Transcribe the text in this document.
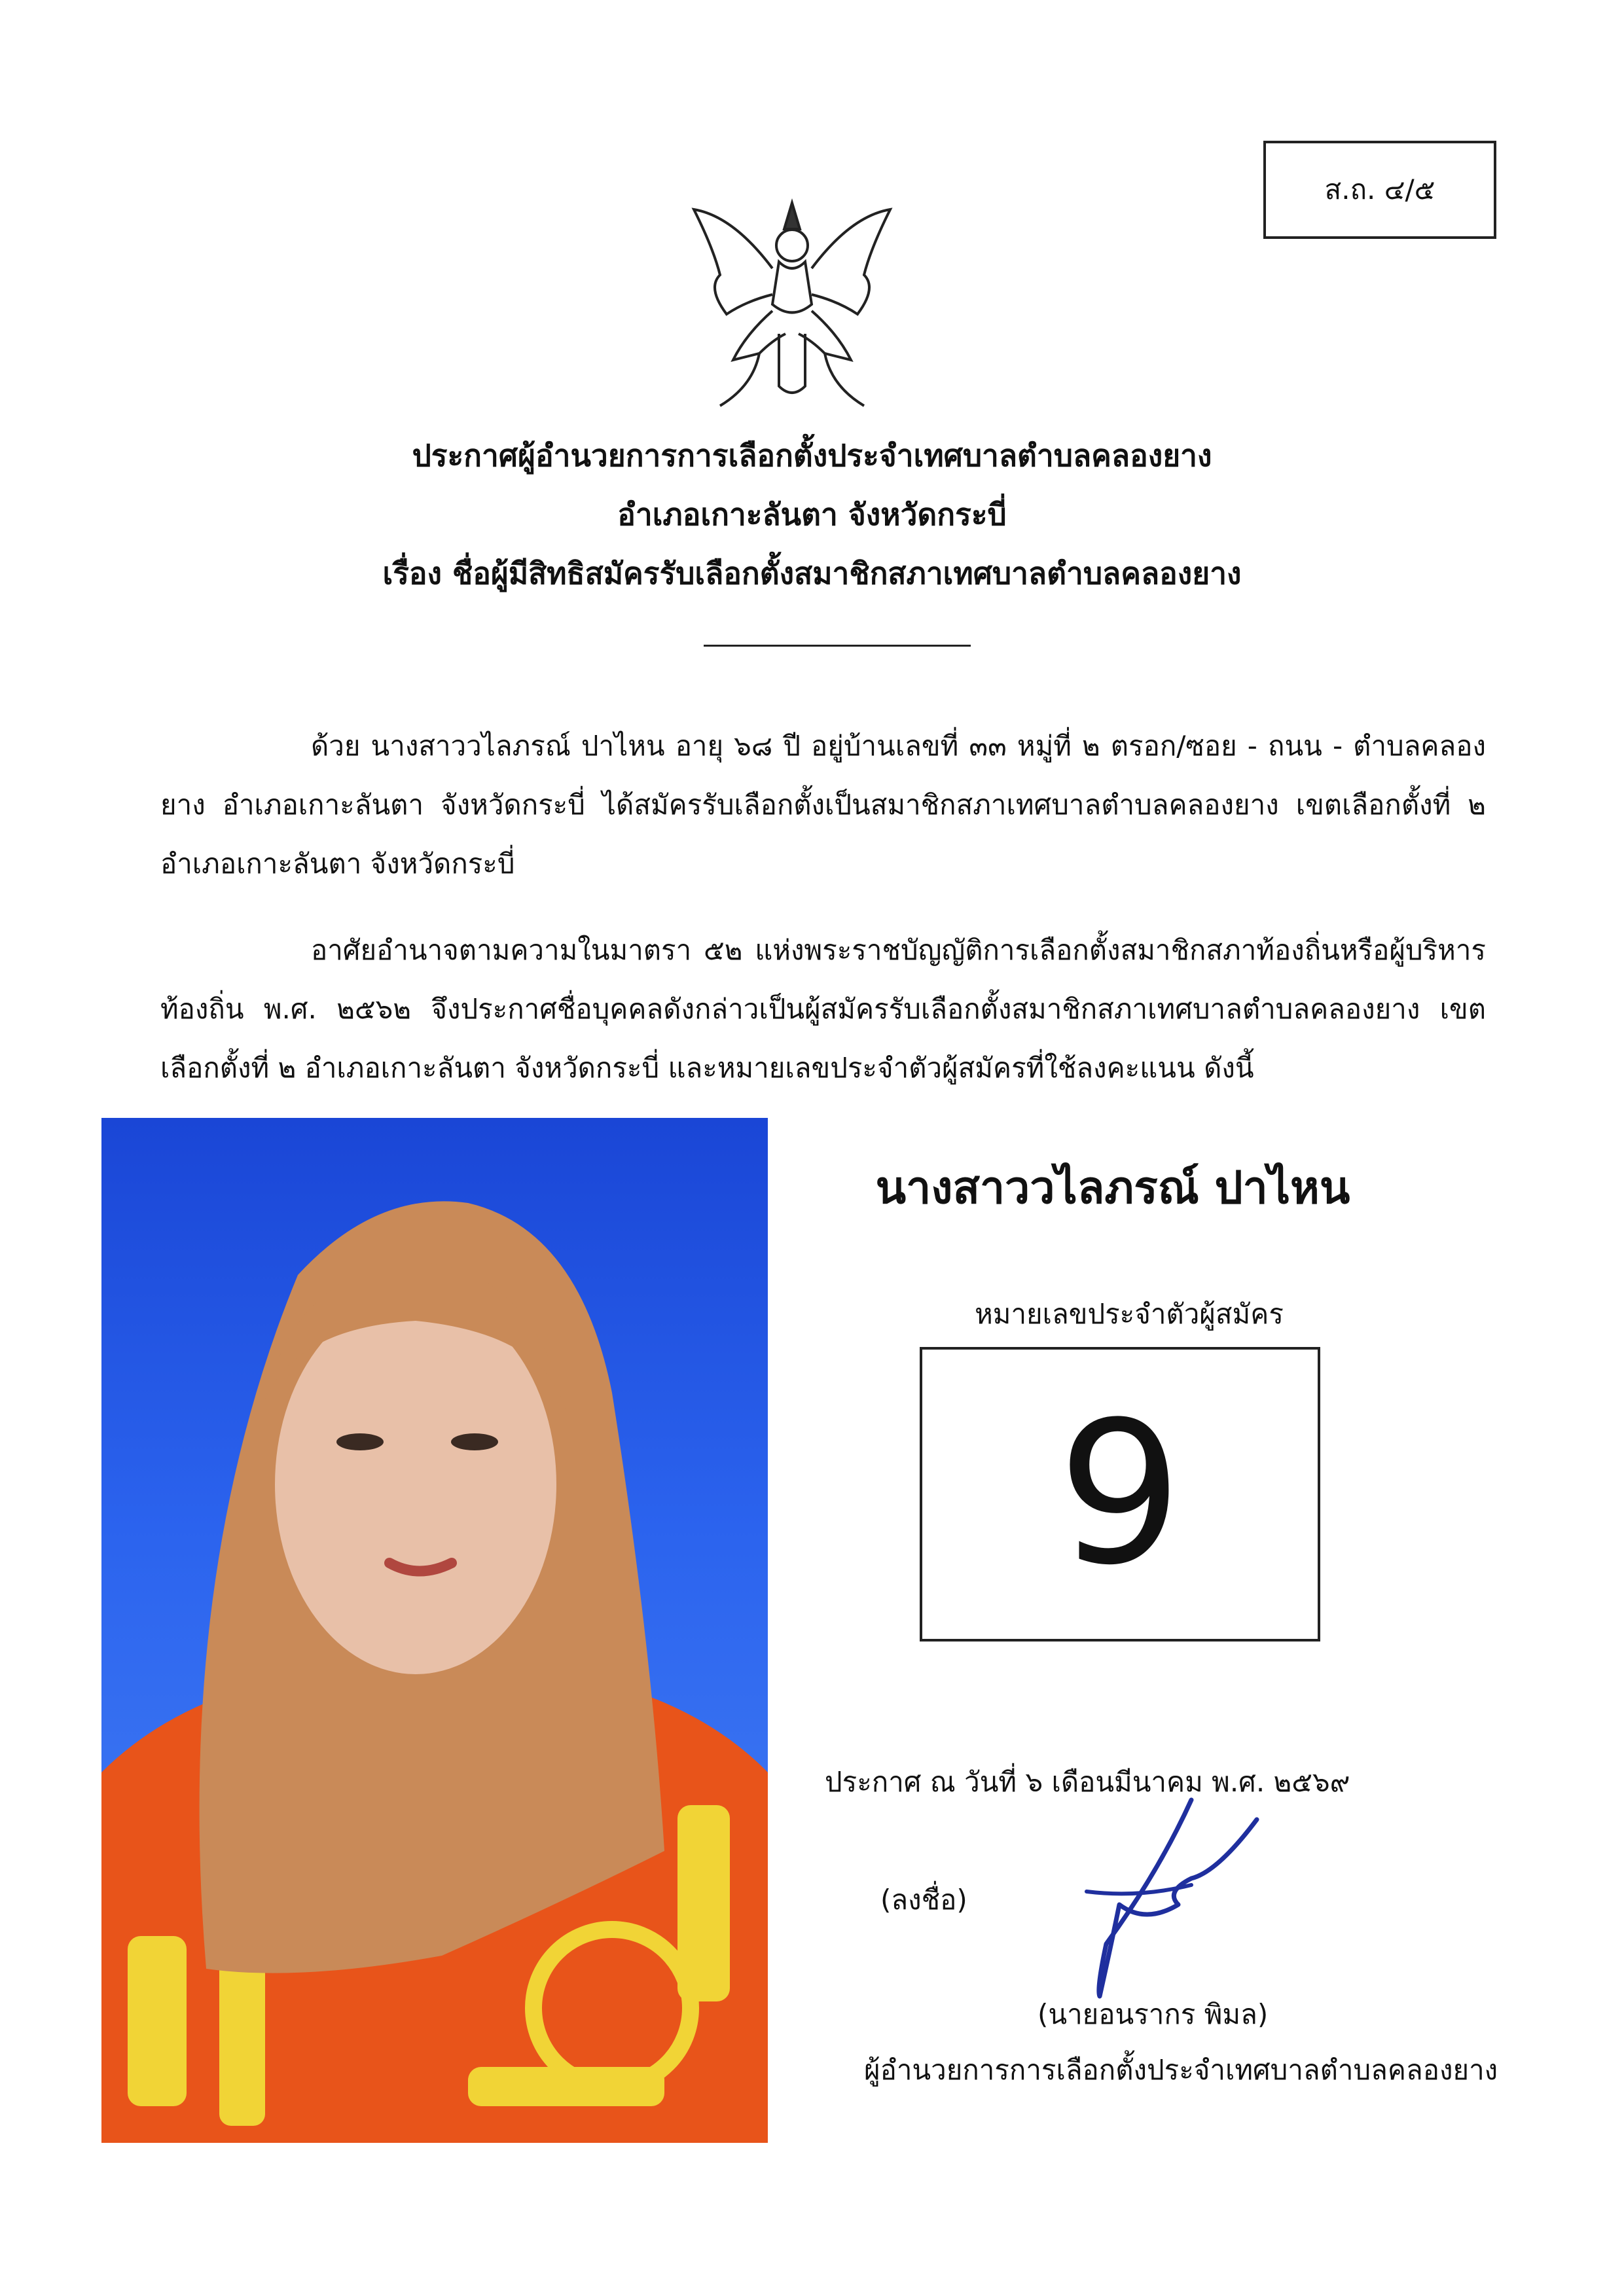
ส.ถ. ๔/๕
ประกาศผู้อำนวยการการเลือกตั้งประจำเทศบาลตำบลคลองยาง
อำเภอเกาะลันตา จังหวัดกระบี่
เรื่อง ชื่อผู้มีสิทธิสมัครรับเลือกตั้งสมาชิกสภาเทศบาลตำบลคลองยาง

ด้วย นางสาววไลภรณ์ ปาไหน อายุ ๖๘ ปี อยู่บ้านเลขที่ ๓๓ หมู่ที่ ๒ ตรอก/ซอย - ถนน - ตำบลคลองยาง อำเภอเกาะลันตา จังหวัดกระบี่ ได้สมัครรับเลือกตั้งเป็นสมาชิกสภาเทศบาลตำบลคลองยาง เขตเลือกตั้งที่ ๒ อำเภอเกาะลันตา จังหวัดกระบี่

อาศัยอำนาจตามความในมาตรา ๕๒ แห่งพระราชบัญญัติการเลือกตั้งสมาชิกสภาท้องถิ่นหรือผู้บริหารท้องถิ่น พ.ศ. ๒๕๖๒ จึงประกาศชื่อบุคคลดังกล่าวเป็นผู้สมัครรับเลือกตั้งสมาชิกสภาเทศบาลตำบลคลองยาง เขตเลือกตั้งที่ ๒ อำเภอเกาะลันตา จังหวัดกระบี่ และหมายเลขประจำตัวผู้สมัครที่ใช้ลงคะแนน ดังนี้

นางสาววไลภรณ์ ปาไหน
หมายเลขประจำตัวผู้สมัคร
9
ประกาศ ณ วันที่ ๖ เดือนมีนาคม พ.ศ. ๒๕๖๙
(ลงชื่อ)
(นายอนรากร พิมล)
ผู้อำนวยการการเลือกตั้งประจำเทศบาลตำบลคลองยาง
